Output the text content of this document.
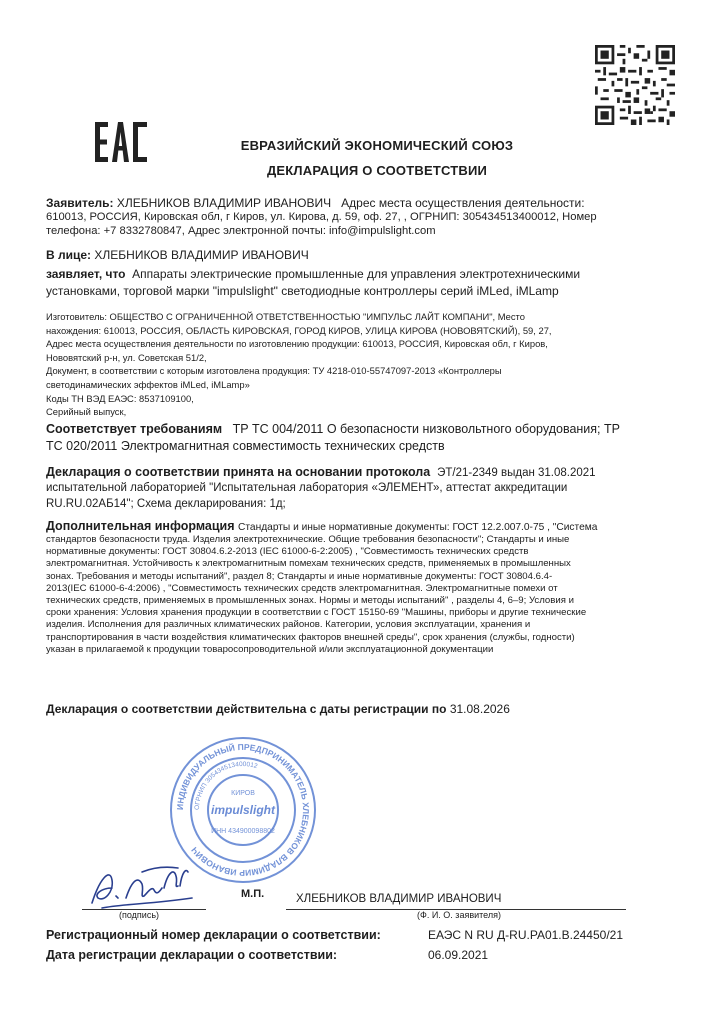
ЕВРАЗИЙСКИЙ ЭКОНОМИЧЕСКИЙ СОЮЗ
ДЕКЛАРАЦИЯ О СООТВЕТСТВИИ
Заявитель: ХЛЕБНИКОВ ВЛАДИМИР ИВАНОВИЧ Адрес места осуществления деятельности:
610013, РОССИЯ, Кировская обл, г Киров, ул. Кирова, д. 59, оф. 27, , ОГРНИП: 305434513400012, Номер
телефона: +7 8332780847, Адрес электронной почты: info@impulslight.com
В лице: ХЛЕБНИКОВ ВЛАДИМИР ИВАНОВИЧ
заявляет, что Аппараты электрические промышленные для управления электротехническими
установками, торговой марки "impulslight" светодиодные контроллеры серий iMLed, iMLamp
Изготовитель: ОБЩЕСТВО С ОГРАНИЧЕННОЙ ОТВЕТСТВЕННОСТЬЮ "ИМПУЛЬС ЛАЙТ КОМПАНИ", Место
нахождения: 610013, РОССИЯ, ОБЛАСТЬ КИРОВСКАЯ, ГОРОД КИРОВ, УЛИЦА КИРОВА (НОВОВЯТСКИЙ), 59, 27,
Адрес места осуществления деятельности по изготовлению продукции: 610013, РОССИЯ, Кировская обл, г Киров,
Нововятский р-н, ул. Советская 51/2,
Документ, в соответствии с которым изготовлена продукция: ТУ 4218-010-55747097-2013 «Контроллеры
светодинамических эффектов iMLed, iMLamp»
Коды ТН ВЭД ЕАЭС: 8537109100,
Серийный выпуск,
Соответствует требованиям ТР ТС 004/2011 О безопасности низковольтного оборудования; ТР
ТС 020/2011 Электромагнитная совместимость технических средств
Декларация о соответствии принята на основании протокола ЭТ/21-2349 выдан 31.08.2021
испытательной лабораторией "Испытательная лаборатория «ЭЛЕМЕНТ», аттестат аккредитации
RU.RU.02АБ14"; Схема декларирования: 1д;
Дополнительная информация Стандарты и иные нормативные документы: ГОСТ 12.2.007.0-75 , "Система
стандартов безопасности труда. Изделия электротехнические. Общие требования безопасности"; Стандарты и иные
нормативные документы: ГОСТ 30804.6.2-2013 (IEC 61000-6-2:2005) , "Совместимость технических средств
электромагнитная. Устойчивость к электромагнитным помехам технических средств, применяемых в промышленных
зонах. Требования и методы испытаний", раздел 8; Стандарты и иные нормативные документы: ГОСТ 30804.6.4-
2013(IEC 61000-6-4:2006) , "Совместимость технических средств электромагнитная. Электромагнитные помехи от
технических средств, применяемых в промышленных зонах. Нормы и методы испытаний" , разделы 4, 6–9; Условия и
сроки хранения: Условия хранения продукции в соответствии с ГОСТ 15150-69 "Машины, приборы и другие технические
изделия. Исполнения для различных климатических районов. Категории, условия эксплуатации, хранения и
транспортирования в части воздействия климатических факторов внешней среды", срок хранения (службы, годности)
указан в прилагаемой к продукции товаросопроводительной и/или эксплуатационной документации
Декларация о соответствии действительна с даты регистрации по 31.08.2026
ИНДИВИДУАЛЬНЫЙ ПРЕДПРИНИМАТЕЛЬ ХЛЕБНИКОВ ВЛАДИМИР ИВАНОВИЧ
ОГРНИП 305434513400012
ИНН 434900098802
КИРОВ
impulslight
(подпись)
М.П.	ХЛЕБНИКОВ ВЛАДИМИР ИВАНОВИЧ
(Ф. И. О. заявителя)
Регистрационный номер декларации о соответствии:	ЕАЭС N RU Д-RU.PA01.B.24450/21
Дата регистрации декларации о соответствии:	06.09.2021
